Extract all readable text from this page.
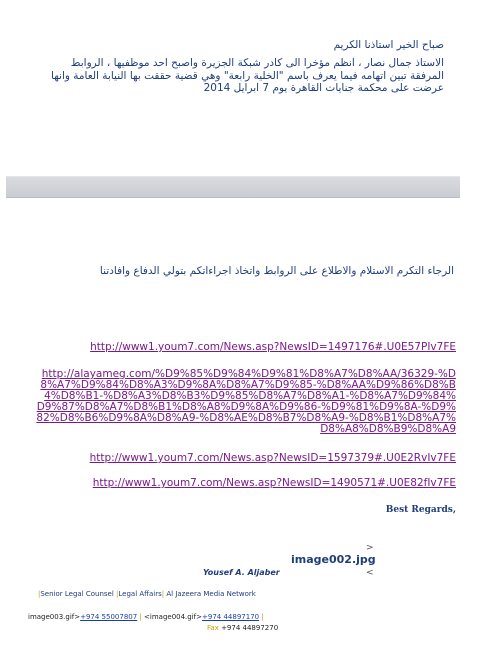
صباح الخير استاذنا الكريم
الاستاذ جمال نصار ، انظم مؤخرا الى كادر شبكة الجزيرة واصبح احد موظفيها ، الروابط المرفقة تبين اتهامه فيما يعرف باسم "الخلية رابعة" وهي قضية حققت بها النيابة العامة وانها عرضت على محكمة جنايات القاهرة يوم 7 ابرايل 2014
الرجاء التكرم الاستلام والاطلاع على الروابط واتخاذ اجراءاتكم بتولي الدفاع وافادتنا
http://www1.youm7.com/News.asp?NewsID=1497176#.U0E57PIv7FE
http://alayameg.com/%D9%85%D9%84%D9%81%D8%A7%D8%AA/36329-%D8%A7%D9%84%D8%A3%D9%8A%D8%A7%D9%85-%D8%AA%D9%86%D8%B4%D8%B1-%D8%A3%D8%B3%D9%85%D8%A7%D8%A1-%D8%A7%D9%84%D9%87%D8%A7%D8%B1%D8%A8%D9%8A%D9%86-%D9%81%D9%8A-%D9%82%D8%B6%D9%8A%D8%A9-%D8%AE%D8%B7%D8%A9-%D8%B1%D8%A7%D8%A8%D8%B9%D8%A9
http://www1.youm7.com/News.asp?NewsID=1597379#.U0E2RvIv7FE
http://www1.youm7.com/News.asp?NewsID=1490571#.U0E82fIv7FE
Best Regards,
>
image002.jpg
<
Yousef A. Aljaber
|Senior Legal Counsel |Legal Affairs| Al Jazeera Media Network
image003.gif>+974 55007807 | <image004.gif>+974 44897170 |
Fax +974 44897270
